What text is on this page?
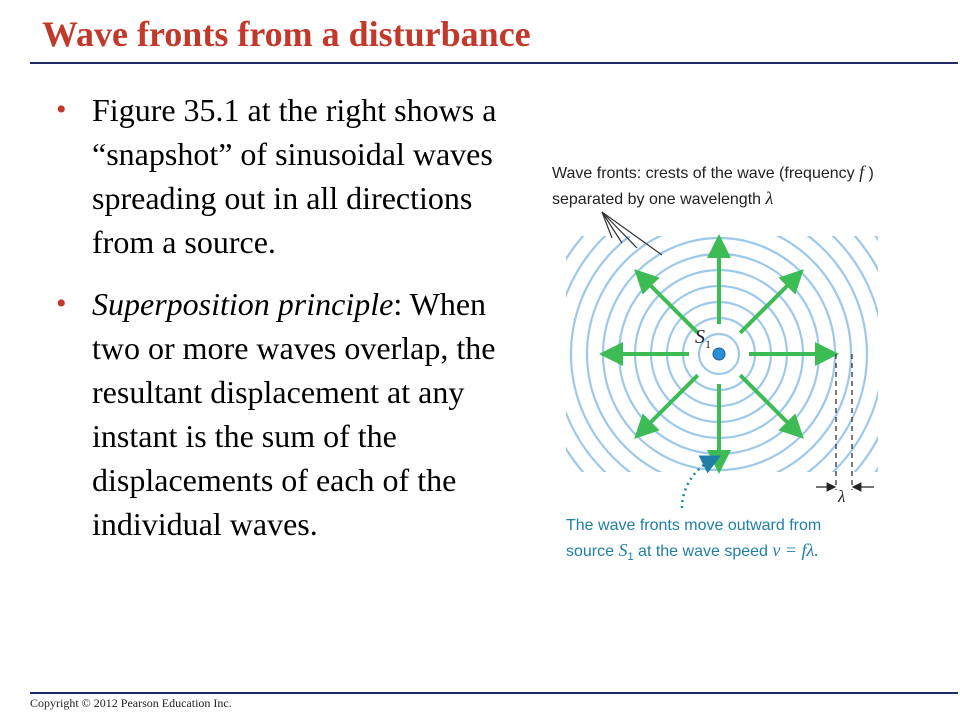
Wave fronts from a disturbance
• Figure 35.1 at the right shows a “snapshot” of sinusoidal waves spreading out in all directions from a source.
• Superposition principle: When two or more waves overlap, the resultant displacement at any instant is the sum of the displacements of each of the individual waves.
Wave fronts: crests of the wave (frequency f )
separated by one wavelength λ
$S_1$
λ
The wave fronts move outward from
source $S_1$ at the wave speed v = fλ.
Copyright © 2012 Pearson Education Inc.
